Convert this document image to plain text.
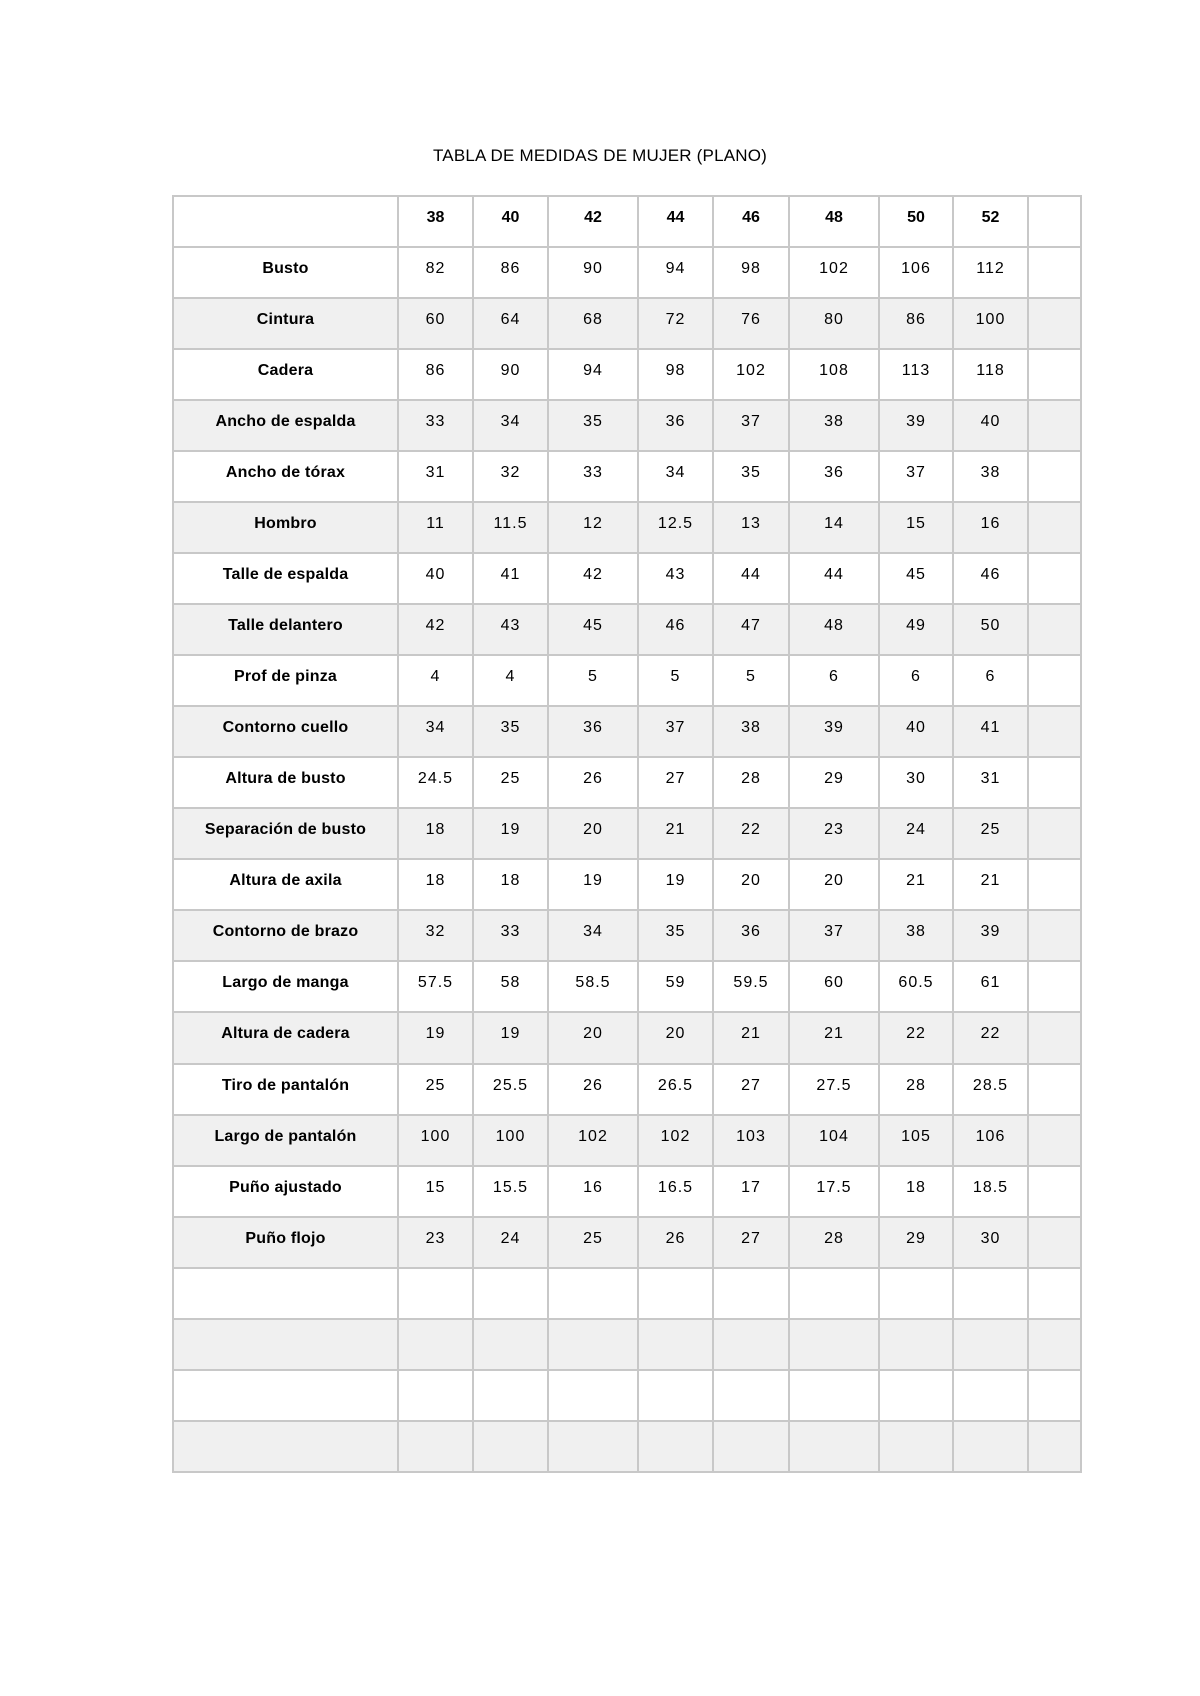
TABLA DE MEDIDAS DE MUJER (PLANO)
	38	40	42	44	46	48	50	52	
Busto	82	86	90	94	98	102	106	112	
Cintura	60	64	68	72	76	80	86	100	
Cadera	86	90	94	98	102	108	113	118	
Ancho de espalda	33	34	35	36	37	38	39	40	
Ancho de tórax	31	32	33	34	35	36	37	38	
Hombro	11	11.5	12	12.5	13	14	15	16	
Talle de espalda	40	41	42	43	44	44	45	46	
Talle delantero	42	43	45	46	47	48	49	50	
Prof de pinza	4	4	5	5	5	6	6	6	
Contorno cuello	34	35	36	37	38	39	40	41	
Altura de busto	24.5	25	26	27	28	29	30	31	
Separación de busto	18	19	20	21	22	23	24	25	
Altura de axila	18	18	19	19	20	20	21	21	
Contorno de brazo	32	33	34	35	36	37	38	39	
Largo de manga	57.5	58	58.5	59	59.5	60	60.5	61	
Altura de cadera	19	19	20	20	21	21	22	22	
Tiro de pantalón	25	25.5	26	26.5	27	27.5	28	28.5	
Largo de pantalón	100	100	102	102	103	104	105	106	
Puño ajustado	15	15.5	16	16.5	17	17.5	18	18.5	
Puño flojo	23	24	25	26	27	28	29	30	
